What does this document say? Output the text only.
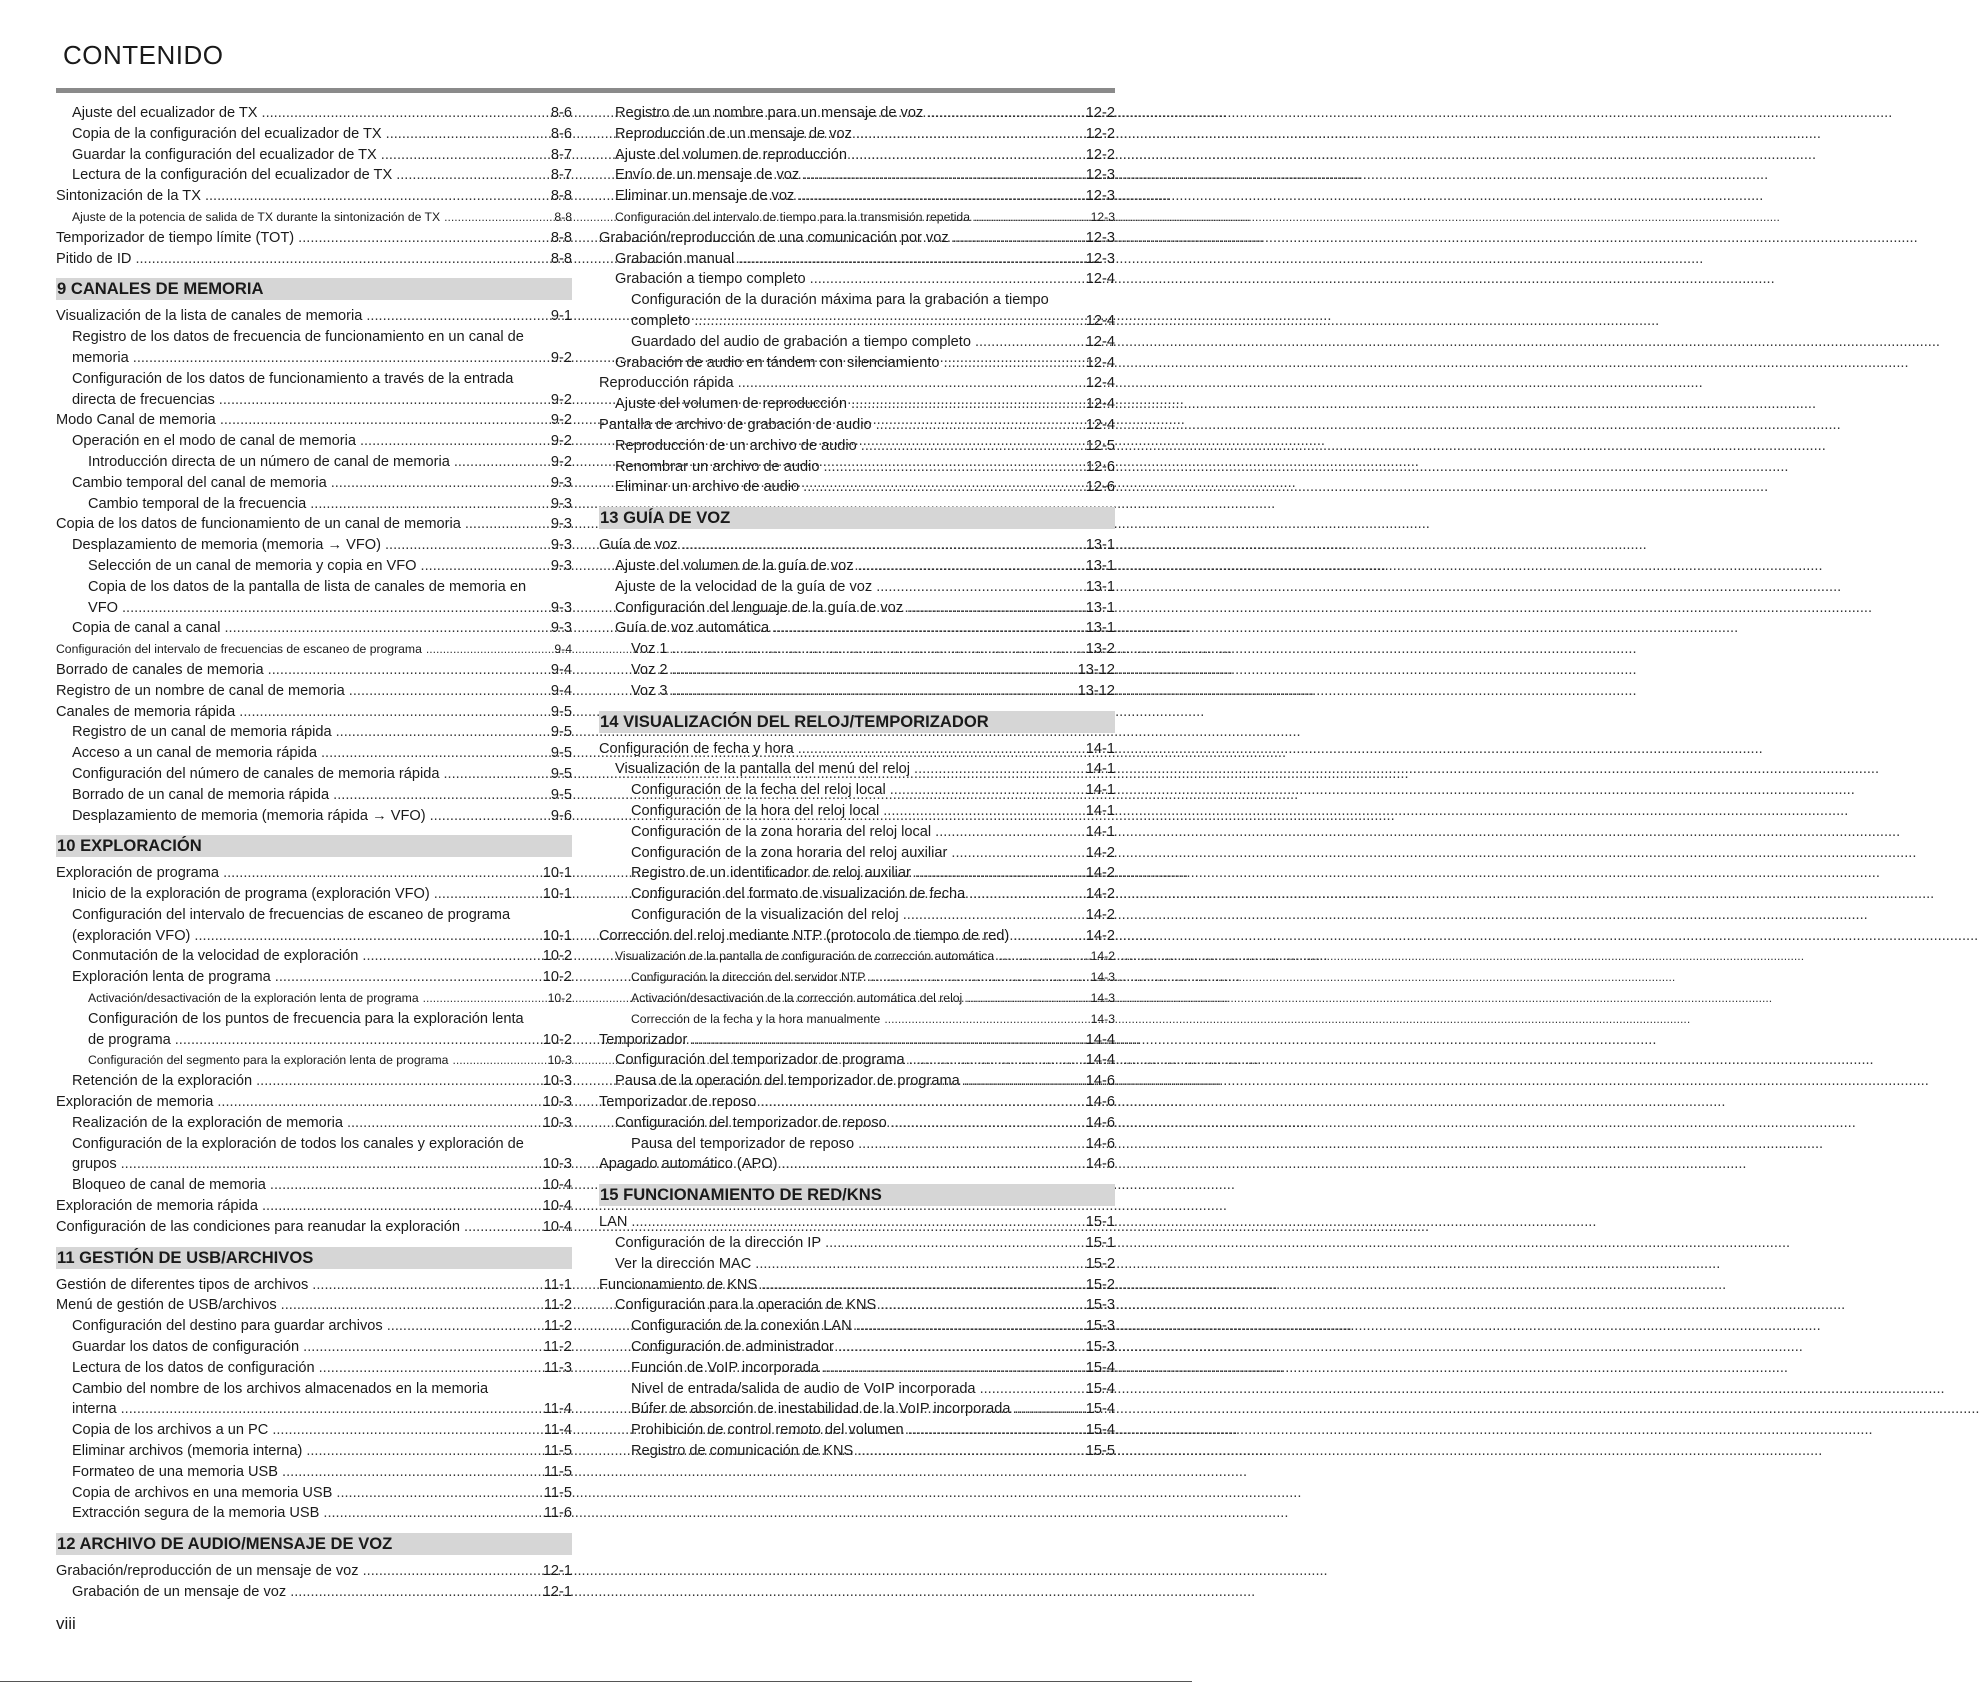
CONTENIDO
Ajuste del ecualizador de TX .....	8-6
Copia de la configuración del ecualizador de TX .....	8-6
Guardar la configuración del ecualizador de TX .....	8-7
Lectura de la configuración del ecualizador de TX .....	8-7
Sintonización de la TX .....	8-8
Ajuste de la potencia de salida de TX durante la sintonización de TX .....	8-8
Temporizador de tiempo límite (TOT) .....	8-8
Pitido de ID .....	8-8
9 CANALES DE MEMORIA
Visualización de la lista de canales de memoria .....	9-1
Registro de los datos de frecuencia de funcionamiento en un canal de
memoria .....	9-2
Configuración de los datos de funcionamiento a través de la entrada
directa de frecuencias .....	9-2
Modo Canal de memoria .....	9-2
Operación en el modo de canal de memoria .....	9-2
Introducción directa de un número de canal de memoria .....	9-2
Cambio temporal del canal de memoria .....	9-3
Cambio temporal de la frecuencia .....	9-3
Copia de los datos de funcionamiento de un canal de memoria .....	9-3
Desplazamiento de memoria (memoria → VFO) .....	9-3
Selección de un canal de memoria y copia en VFO .....	9-3
Copia de los datos de la pantalla de lista de canales de memoria en
VFO .....	9-3
Copia de canal a canal .....	9-3
Configuración del intervalo de frecuencias de escaneo de programa .....	9-4
Borrado de canales de memoria .....	9-4
Registro de un nombre de canal de memoria .....	9-4
Canales de memoria rápida .....	9-5
Registro de un canal de memoria rápida .....	9-5
Acceso a un canal de memoria rápida .....	9-5
Configuración del número de canales de memoria rápida .....	9-5
Borrado de un canal de memoria rápida .....	9-5
Desplazamiento de memoria (memoria rápida → VFO) .....	9-6
10 EXPLORACIÓN
Exploración de programa .....	10-1
Inicio de la exploración de programa (exploración VFO) .....	10-1
Configuración del intervalo de frecuencias de escaneo de programa
(exploración VFO) .....	10-1
Conmutación de la velocidad de exploración .....	10-2
Exploración lenta de programa .....	10-2
Activación/desactivación de la exploración lenta de programa .....	10-2
Configuración de los puntos de frecuencia para la exploración lenta
de programa .....	10-2
Configuración del segmento para la exploración lenta de programa .....	10-3
Retención de la exploración .....	10-3
Exploración de memoria .....	10-3
Realización de la exploración de memoria .....	10-3
Configuración de la exploración de todos los canales y exploración de
grupos .....	10-3
Bloqueo de canal de memoria .....	10-4
Exploración de memoria rápida .....	10-4
Configuración de las condiciones para reanudar la exploración .....	10-4
11 GESTIÓN DE USB/ARCHIVOS
Gestión de diferentes tipos de archivos .....	11-1
Menú de gestión de USB/archivos .....	11-2
Configuración del destino para guardar archivos .....	11-2
Guardar los datos de configuración .....	11-2
Lectura de los datos de configuración .....	11-3
Cambio del nombre de los archivos almacenados en la memoria
interna .....	11-4
Copia de los archivos a un PC .....	11-4
Eliminar archivos (memoria interna) .....	11-5
Formateo de una memoria USB .....	11-5
Copia de archivos en una memoria USB .....	11-5
Extracción segura de la memoria USB .....	11-6
12 ARCHIVO DE AUDIO/MENSAJE DE VOZ
Grabación/reproducción de un mensaje de voz .....	12-1
Grabación de un mensaje de voz .....	12-1
Registro de un nombre para un mensaje de voz .....	12-2
Reproducción de un mensaje de voz .....	12-2
Ajuste del volumen de reproducción .....	12-2
Envío de un mensaje de voz .....	12-3
Eliminar un mensaje de voz .....	12-3
Configuración del intervalo de tiempo para la transmisión repetida .....	12-3
Grabación/reproducción de una comunicación por voz .....	12-3
Grabación manual .....	12-3
Grabación a tiempo completo .....	12-4
Configuración de la duración máxima para la grabación a tiempo
completo .....	12-4
Guardado del audio de grabación a tiempo completo .....	12-4
Grabación de audio en tándem con silenciamiento .....	12-4
Reproducción rápida .....	12-4
Ajuste del volumen de reproducción .....	12-4
Pantalla de archivo de grabación de audio .....	12-4
Reproducción de un archivo de audio .....	12-5
Renombrar un archivo de audio .....	12-6
Eliminar un archivo de audio .....	12-6
13 GUÍA DE VOZ
Guía de voz .....	13-1
Ajuste del volumen de la guía de voz .....	13-1
Ajuste de la velocidad de la guía de voz .....	13-1
Configuración del lenguaje de la guía de voz .....	13-1
Guía de voz automática .....	13-1
Voz 1 .....	13-2
Voz 2 .....	13-12
Voz 3 .....	13-12
14 VISUALIZACIÓN DEL RELOJ/TEMPORIZADOR
Configuración de fecha y hora .....	14-1
Visualización de la pantalla del menú del reloj .....	14-1
Configuración de la fecha del reloj local .....	14-1
Configuración de la hora del reloj local .....	14-1
Configuración de la zona horaria del reloj local .....	14-1
Configuración de la zona horaria del reloj auxiliar .....	14-2
Registro de un identificador de reloj auxiliar .....	14-2
Configuración del formato de visualización de fecha .....	14-2
Configuración de la visualización del reloj .....	14-2
Corrección del reloj mediante NTP (protocolo de tiempo de red) .....	14-2
Visualización de la pantalla de configuración de corrección automática .....	14-2
Configuración la dirección del servidor NTP .....	14-3
Activación/desactivación de la corrección automática del reloj .....	14-3
Corrección de la fecha y la hora manualmente .....	14-3
Temporizador .....	14-4
Configuración del temporizador de programa .....	14-4
Pausa de la operación del temporizador de programa .....	14-6
Temporizador de reposo .....	14-6
Configuración del temporizador de reposo .....	14-6
Pausa del temporizador de reposo .....	14-6
Apagado automático (APO) .....	14-6
15 FUNCIONAMIENTO DE RED/KNS
LAN .....	15-1
Configuración de la dirección IP .....	15-1
Ver la dirección MAC .....	15-2
Funcionamiento de KNS .....	15-2
Configuración para la operación de KNS .....	15-3
Configuración de la conexión LAN .....	15-3
Configuración de administrador .....	15-3
Función de VoIP incorporada .....	15-4
Nivel de entrada/salida de audio de VoIP incorporada .....	15-4
Búfer de absorción de inestabilidad de la VoIP incorporada .....	15-4
Prohibición de control remoto del volumen .....	15-4
Registro de comunicación de KNS .....	15-5
viii
